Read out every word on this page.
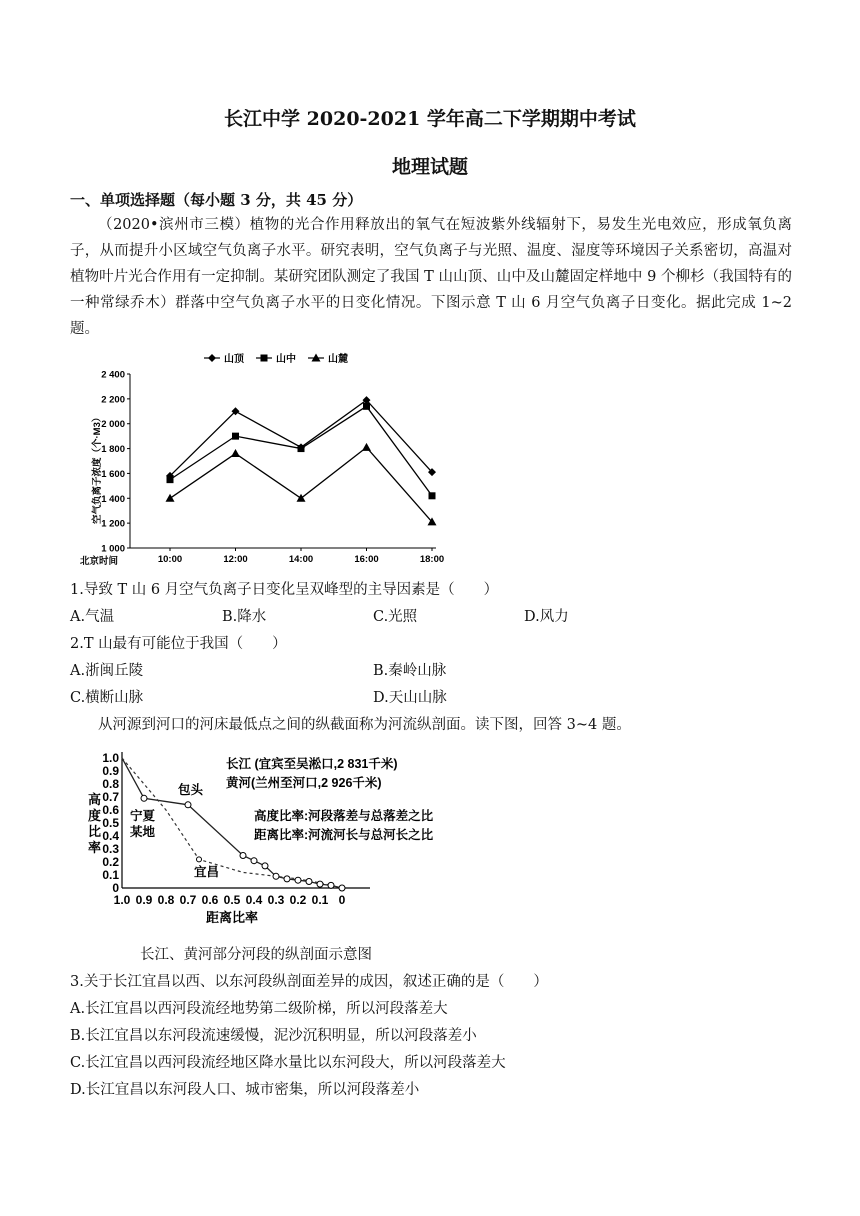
长江中学 2020-2021 学年高二下学期期中考试
地理试题
一、单项选择题（每小题 3 分，共 45 分）
（2020•滨州市三模）植物的光合作用释放出的氧气在短波紫外线辐射下，易发生光电效应，形成氧负离子，从而提升小区域空气负离子水平。研究表明，空气负离子与光照、温度、湿度等环境因子关系密切，高温对植物叶片光合作用有一定抑制。某研究团队测定了我国 T 山山顶、山中及山麓固定样地中 9 个柳杉（我国特有的一种常绿乔木）群落中空气负离子水平的日变化情况。下图示意 T 山 6 月空气负离子日变化。据此完成 1~2 题。
山顶	山中	山麓
1 000
1 200
1 400
1 600
1 800
2 000
2 200
2 400
10:00	12:00	14:00	16:00	18:00
北京时间
空气负离子浓度（个·M3）
1.导致 T 山 6 月空气负离子日变化呈双峰型的主导因素是（　　）
A.气温	B.降水	C.光照	D.风力
2.T 山最有可能位于我国（　　）
A.浙闽丘陵	B.秦岭山脉
C.横断山脉	D.天山山脉
从河源到河口的河床最低点之间的纵截面称为河流纵剖面。读下图，回答 3~4 题。
1.0
0.9
0.8
0.7
0.6
0.5
0.4
0.3
0.2
0.1
0
1.0 0.9 0.8 0.7 0.6 0.5 0.4 0.3 0.2 0.1 0
高
度
比
率
距离比率
长江 (宜宾至吴淞口,2 831千米)
黄河(兰州至河口,2 926千米)
高度比率:河段落差与总落差之比
距离比率:河流河长与总河长之比
包头
宁夏
某地
宜昌
长江、黄河部分河段的纵剖面示意图
3.关于长江宜昌以西、以东河段纵剖面差异的成因，叙述正确的是（　　）
A.长江宜昌以西河段流经地势第二级阶梯，所以河段落差大
B.长江宜昌以东河段流速缓慢，泥沙沉积明显，所以河段落差小
C.长江宜昌以西河段流经地区降水量比以东河段大，所以河段落差大
D.长江宜昌以东河段人口、城市密集，所以河段落差小
